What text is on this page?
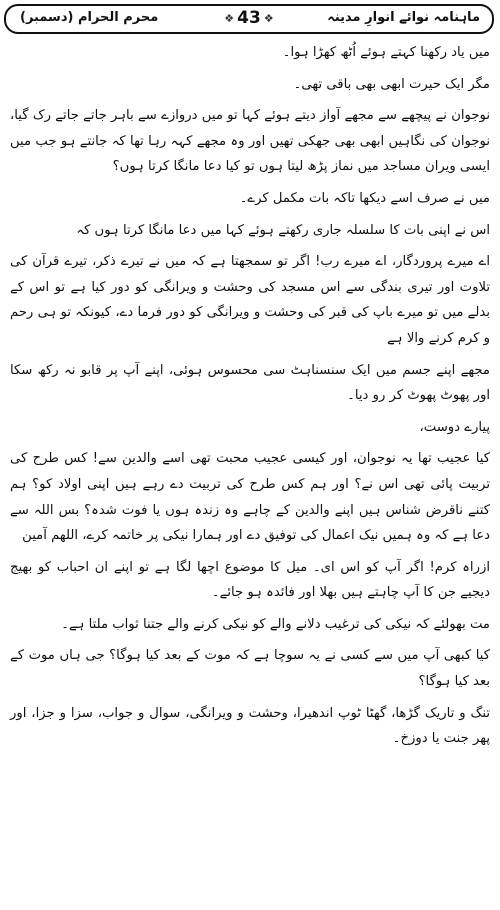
ماہنامہ نوائے انوارِ مدینہ
❖ 43 ❖
محرم الحرام (دسمبر)

میں یاد رکھنا کہتے ہوئے اُٹھ کھڑا ہوا۔

مگر ایک حیرت ابھی بھی باقی تھی۔

نوجوان نے پیچھے سے مجھے آواز دیتے ہوئے کہا تو میں دروازے سے باہر جاتے جاتے رک گیا، نوجوان کی نگاہیں ابھی بھی جھکی تھیں اور وہ مجھے کہہ رہا تھا کہ جانتے ہو جب میں ایسی ویران مساجد میں نماز پڑھ لیتا ہوں تو کیا دعا مانگا کرتا ہوں؟

میں نے صرف اسے دیکھا تاکہ بات مکمل کرے۔

اس نے اپنی بات کا سلسلہ جاری رکھتے ہوئے کہا میں دعا مانگا کرتا ہوں کہ

اے میرے پروردگار، اے میرے رب! اگر تو سمجھتا ہے کہ میں نے تیرے ذکر، تیرے قرآن کی تلاوت اور تیری بندگی سے اس مسجد کی وحشت و ویرانگی کو دور کیا ہے تو اس کے بدلے میں تو میرے باپ کی قبر کی وحشت و ویرانگی کو دور فرما دے، کیونکہ تو ہی رحم و کرم کرنے والا ہے

مجھے اپنے جسم میں ایک سنسناہٹ سی محسوس ہوئی، اپنے آپ پر قابو نہ رکھ سکا اور پھوٹ پھوٹ کر رو دیا۔

پیارے دوست،

کیا عجیب تھا یہ نوجوان، اور کیسی عجیب محبت تھی اسے والدین سے! کس طرح کی تربیت پائی تھی اس نے؟ اور ہم کس طرح کی تربیت دے رہے ہیں اپنی اولاد کو؟ ہم کتنے ناقرض شناس ہیں اپنے والدین کے چاہے وہ زندہ ہوں یا فوت شدہ؟ بس اللہ سے دعا ہے کہ وہ ہمیں نیک اعمال کی توفیق دے اور ہمارا نیکی پر خاتمہ کرے، اللھم آمین

ازراہ کرم! اگر آپ کو اس ای۔ میل کا موضوع اچھا لگا ہے تو اپنے ان احباب کو بھیج دیجیے جن کا آپ چاہتے ہیں بھلا اور فائدہ ہو جائے۔

مت بھولئے کہ نیکی کی ترغیب دلانے والے کو نیکی کرنے والے جتنا ثواب ملتا ہے۔

کیا کبھی آپ میں سے کسی نے یہ سوچا ہے کہ موت کے بعد کیا ہوگا؟ جی ہاں موت کے بعد کیا ہوگا؟

تنگ و تاریک گڑھا، گھٹا ٹوپ اندھیرا، وحشت و ویرانگی، سوال و جواب، سزا و جزا، اور پھر جنت یا دوزخ۔
